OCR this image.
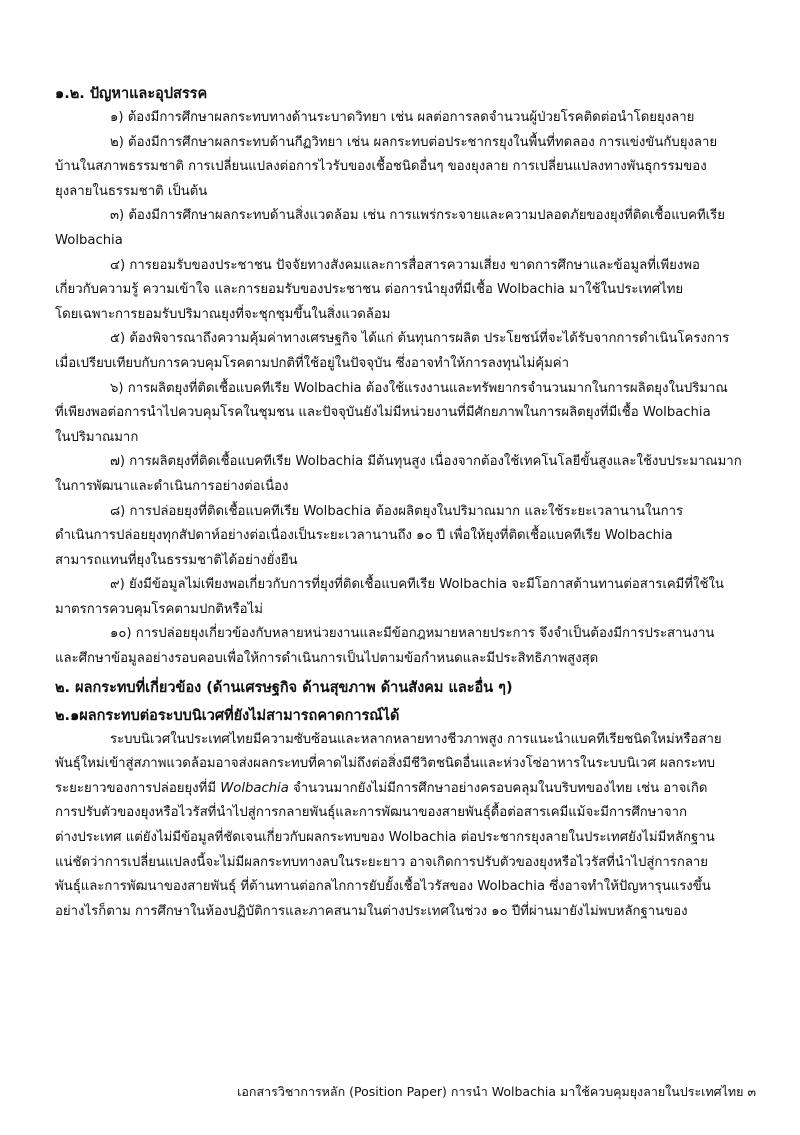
๑.๒. ปัญหาและอุปสรรค

๑) ต้องมีการศึกษาผลกระทบทางด้านระบาดวิทยา เช่น ผลต่อการลดจำนวนผู้ป่วยโรคติดต่อนำโดยยุงลาย
๒) ต้องมีการศึกษาผลกระทบด้านกีฏวิทยา เช่น ผลกระทบต่อประชากรยุงในพื้นที่ทดลอง การแข่งขันกับยุงลาย
บ้านในสภาพธรรมชาติ การเปลี่ยนแปลงต่อการไวรับของเชื้อชนิดอื่นๆ ของยุงลาย การเปลี่ยนแปลงทางพันธุกรรมของ
ยุงลายในธรรมชาติ เป็นต้น
๓) ต้องมีการศึกษาผลกระทบด้านสิ่งแวดล้อม เช่น การแพร่กระจายและความปลอดภัยของยุงที่ติดเชื้อแบคทีเรีย
Wolbachia
๔) การยอมรับของประชาชน ปัจจัยทางสังคมและการสื่อสารความเสี่ยง ขาดการศึกษาและข้อมูลที่เพียงพอ
เกี่ยวกับความรู้ ความเข้าใจ และการยอมรับของประชาชน ต่อการนำยุงที่มีเชื้อ Wolbachia มาใช้ในประเทศไทย
โดยเฉพาะการยอมรับปริมาณยุงที่จะชุกชุมขึ้นในสิ่งแวดล้อม
๕) ต้องพิจารณาถึงความคุ้มค่าทางเศรษฐกิจ ได้แก่ ต้นทุนการผลิต ประโยชน์ที่จะได้รับจากการดำเนินโครงการ
เมื่อเปรียบเทียบกับการควบคุมโรคตามปกติที่ใช้อยู่ในปัจจุบัน ซึ่งอาจทำให้การลงทุนไม่คุ้มค่า
๖) การผลิตยุงที่ติดเชื้อแบคทีเรีย Wolbachia ต้องใช้แรงงานและทรัพยากรจำนวนมากในการผลิตยุงในปริมาณ
ที่เพียงพอต่อการนำไปควบคุมโรคในชุมชน และปัจจุบันยังไม่มีหน่วยงานที่มีศักยภาพในการผลิตยุงที่มีเชื้อ Wolbachia
ในปริมาณมาก
๗) การผลิตยุงที่ติดเชื้อแบคทีเรีย Wolbachia มีต้นทุนสูง เนื่องจากต้องใช้เทคโนโลยีขั้นสูงและใช้งบประมาณมาก
ในการพัฒนาและดำเนินการอย่างต่อเนื่อง
๘) การปล่อยยุงที่ติดเชื้อแบคทีเรีย Wolbachia ต้องผลิตยุงในปริมาณมาก และใช้ระยะเวลานานในการ
ดำเนินการปล่อยยุงทุกสัปดาห์อย่างต่อเนื่องเป็นระยะเวลานานถึง ๑๐ ปี เพื่อให้ยุงที่ติดเชื้อแบคทีเรีย Wolbachia
สามารถแทนที่ยุงในธรรมชาติได้อย่างยั่งยืน
๙) ยังมีข้อมูลไม่เพียงพอเกี่ยวกับการที่ยุงที่ติดเชื้อแบคทีเรีย Wolbachia จะมีโอกาสต้านทานต่อสารเคมีที่ใช้ใน
มาตรการควบคุมโรคตามปกติหรือไม่
๑๐) การปล่อยยุงเกี่ยวข้องกับหลายหน่วยงานและมีข้อกฎหมายหลายประการ จึงจำเป็นต้องมีการประสานงาน
และศึกษาข้อมูลอย่างรอบคอบเพื่อให้การดำเนินการเป็นไปตามข้อกำหนดและมีประสิทธิภาพสูงสุด

๒. ผลกระทบที่เกี่ยวข้อง (ด้านเศรษฐกิจ ด้านสุขภาพ ด้านสังคม และอื่น ๆ)

๒.๑ผลกระทบต่อระบบนิเวศที่ยังไม่สามารถคาดการณ์ได้

ระบบนิเวศในประเทศไทยมีความซับซ้อนและหลากหลายทางชีวภาพสูง การแนะนำแบคทีเรียชนิดใหม่หรือสาย
พันธุ์ใหม่เข้าสู่สภาพแวดล้อมอาจส่งผลกระทบที่คาดไม่ถึงต่อสิ่งมีชีวิตชนิดอื่นและห่วงโซ่อาหารในระบบนิเวศ ผลกระทบ
ระยะยาวของการปล่อยยุงที่มี Wolbachia จำนวนมากยังไม่มีการศึกษาอย่างครอบคลุมในบริบทของไทย เช่น อาจเกิด
การปรับตัวของยุงหรือไวรัสที่นำไปสู่การกลายพันธุ์และการพัฒนาของสายพันธุ์ดื้อต่อสารเคมีแม้จะมีการศึกษาจาก
ต่างประเทศ แต่ยังไม่มีข้อมูลที่ชัดเจนเกี่ยวกับผลกระทบของ Wolbachia ต่อประชากรยุงลายในประเทศยังไม่มีหลักฐาน
แน่ชัดว่าการเปลี่ยนแปลงนี้จะไม่มีผลกระทบทางลบในระยะยาว อาจเกิดการปรับตัวของยุงหรือไวรัสที่นำไปสู่การกลาย
พันธุ์และการพัฒนาของสายพันธุ์ ที่ต้านทานต่อกลไกการยับยั้งเชื้อไวรัสของ Wolbachia ซึ่งอาจทำให้ปัญหารุนแรงขึ้น
อย่างไรก็ตาม การศึกษาในห้องปฏิบัติการและภาคสนามในต่างประเทศในช่วง ๑๐ ปีที่ผ่านมายังไม่พบหลักฐานของ
เอกสารวิชาการหลัก (Position Paper) การนำ Wolbachia มาใช้ควบคุมยุงลายในประเทศไทย ๓
